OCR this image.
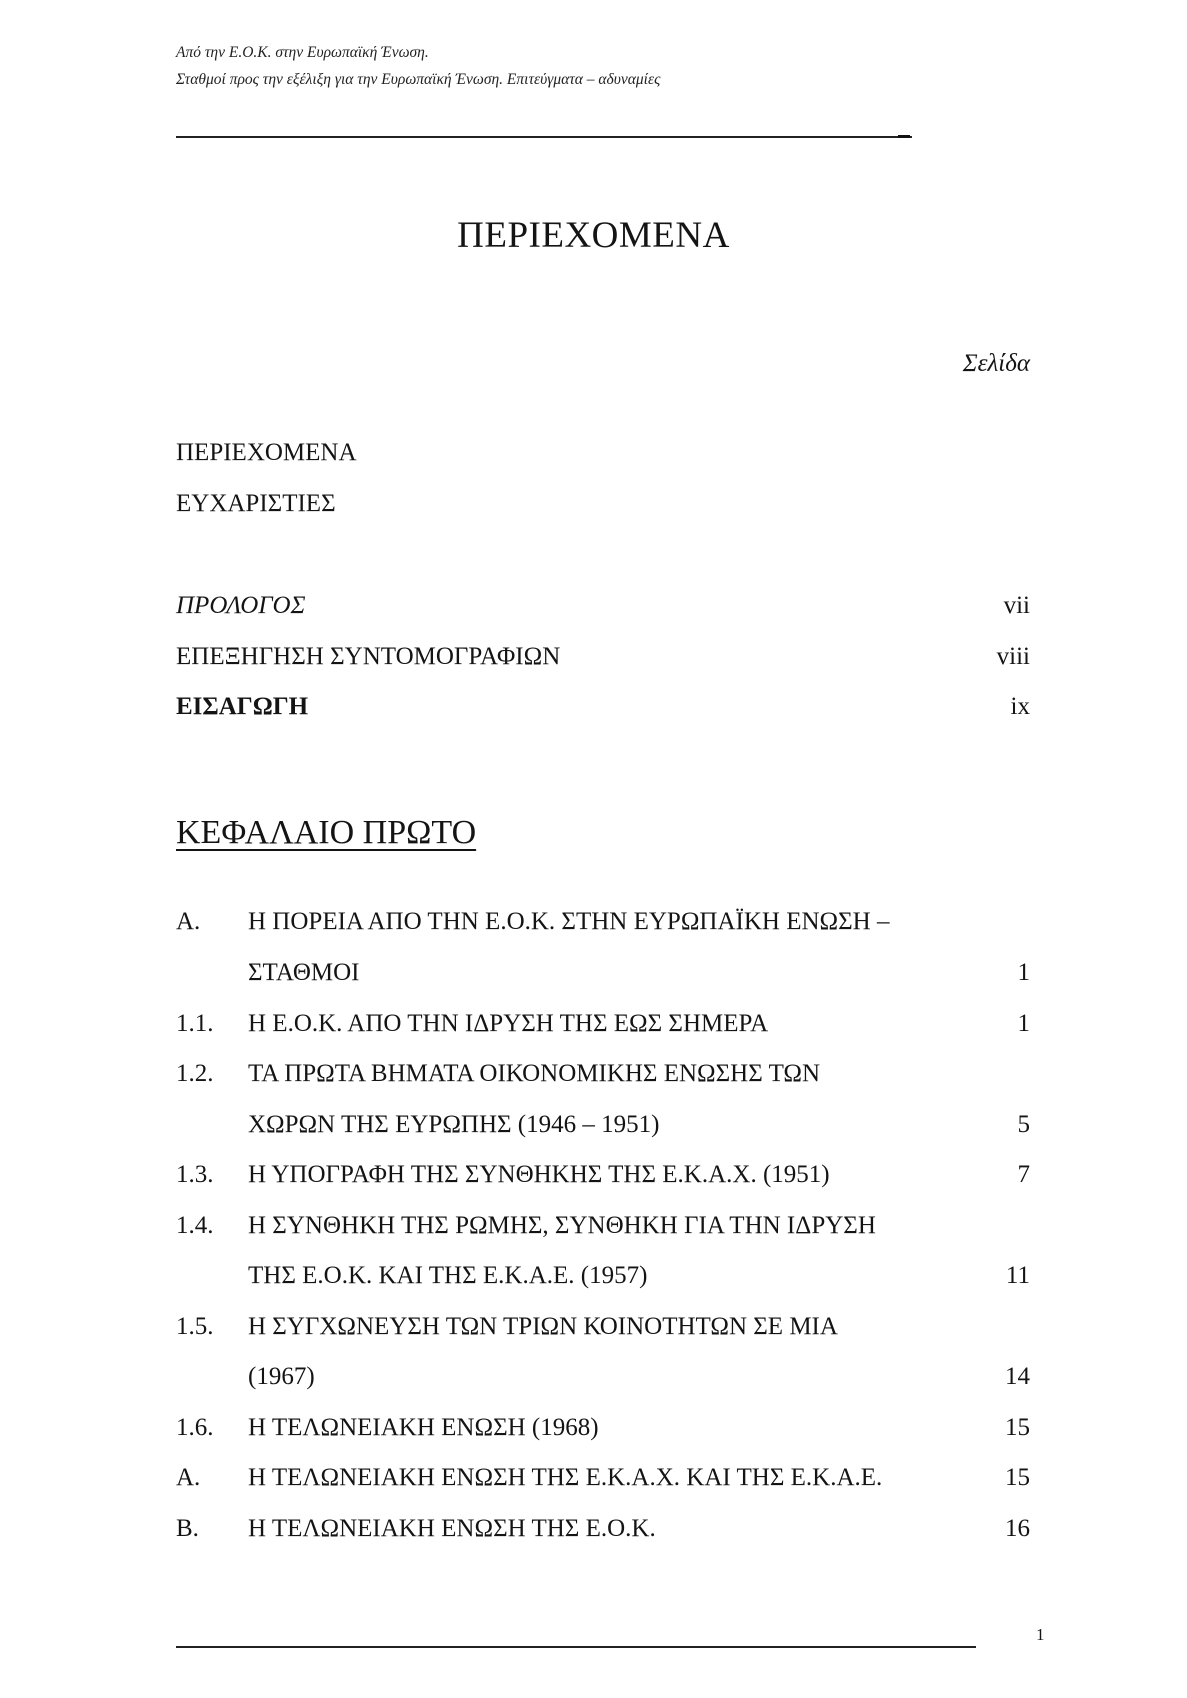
Από την Ε.Ο.Κ. στην Ευρωπαϊκή Ένωση.
Σταθμοί προς την εξέλιξη για την Ευρωπαϊκή Ένωση. Επιτεύγματα – αδυναμίες
ΠΕΡΙΕΧΟΜΕΝΑ
Σελίδα
ΠΕΡΙΕΧΟΜΕΝΑ
ΕΥΧΑΡΙΣΤΙΕΣ
ΠΡΟΛΟΓΟΣ	vii
ΕΠΕΞΗΓΗΣΗ ΣΥΝΤΟΜΟΓΡΑΦΙΩΝ	viii
ΕΙΣΑΓΩΓΗ	ix
ΚΕΦΑΛΑΙΟ ΠΡΩΤΟ
Α. Η ΠΟΡΕΙΑ ΑΠΟ ΤΗΝ Ε.Ο.Κ. ΣΤΗΝ ΕΥΡΩΠΑΪΚΗ ΕΝΩΣΗ –
ΣΤΑΘΜΟΙ	1
1.1. Η Ε.Ο.Κ. ΑΠΟ ΤΗΝ ΙΔΡΥΣΗ ΤΗΣ ΕΩΣ ΣΗΜΕΡΑ	1
1.2. ΤΑ ΠΡΩΤΑ ΒΗΜΑΤΑ ΟΙΚΟΝΟΜΙΚΗΣ ΕΝΩΣΗΣ ΤΩΝ
ΧΩΡΩΝ ΤΗΣ ΕΥΡΩΠΗΣ (1946 – 1951)	5
1.3. Η ΥΠΟΓΡΑΦΗ ΤΗΣ ΣΥΝΘΗΚΗΣ ΤΗΣ Ε.Κ.Α.Χ. (1951)	7
1.4. Η ΣΥΝΘΗΚΗ ΤΗΣ ΡΩΜΗΣ, ΣΥΝΘΗΚΗ ΓΙΑ ΤΗΝ ΙΔΡΥΣΗ
ΤΗΣ Ε.Ο.Κ. ΚΑΙ ΤΗΣ Ε.Κ.Α.Ε. (1957)	11
1.5. Η ΣΥΓΧΩΝΕΥΣΗ ΤΩΝ ΤΡΙΩΝ ΚΟΙΝΟΤΗΤΩΝ ΣΕ ΜΙΑ
(1967)	14
1.6. Η ΤΕΛΩΝΕΙΑΚΗ ΕΝΩΣΗ (1968)	15
Α. Η ΤΕΛΩΝΕΙΑΚΗ ΕΝΩΣΗ ΤΗΣ Ε.Κ.Α.Χ. ΚΑΙ ΤΗΣ Ε.Κ.Α.Ε.	15
Β. Η ΤΕΛΩΝΕΙΑΚΗ ΕΝΩΣΗ ΤΗΣ Ε.Ο.Κ.	16
1
